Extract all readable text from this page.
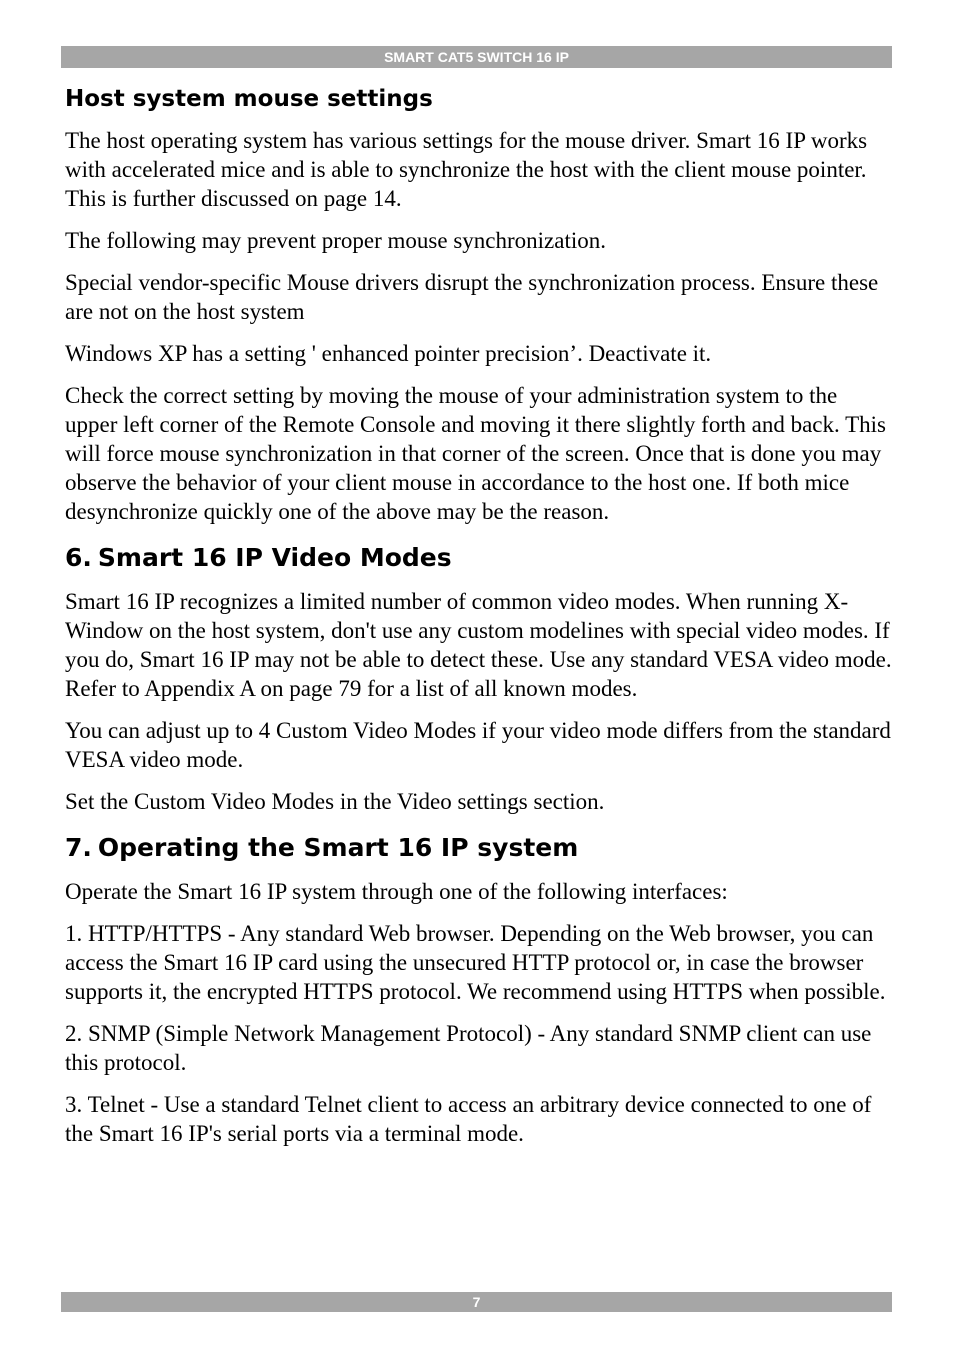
SMART CAT5 SWITCH 16 IP
Host system mouse settings

The host operating system has various settings for the mouse driver. Smart 16 IP works with accelerated mice and is able to synchronize the host with the client mouse pointer. This is further discussed on page 14.

The following may prevent proper mouse synchronization.

Special vendor-specific Mouse drivers disrupt the synchronization process. Ensure these are not on the host system

Windows XP has a setting ' enhanced pointer precision’. Deactivate it.

Check the correct setting by moving the mouse of your administration system to the upper left corner of the Remote Console and moving it there slightly forth and back. This will force mouse synchronization in that corner of the screen. Once that is done you may observe the behavior of your client mouse in accordance to the host one. If both mice desynchronize quickly one of the above may be the reason.

6. Smart 16 IP Video Modes

Smart 16 IP recognizes a limited number of common video modes. When running X-Window on the host system, don't use any custom modelines with special video modes. If you do, Smart 16 IP may not be able to detect these. Use any standard VESA video mode. Refer to Appendix A on page 79 for a list of all known modes.

You can adjust up to 4 Custom Video Modes if your video mode differs from the standard VESA video mode.

Set the Custom Video Modes in the Video settings section.

7. Operating the Smart 16 IP system

Operate the Smart 16 IP system through one of the following interfaces:

1. HTTP/HTTPS - Any standard Web browser. Depending on the Web browser, you can access the Smart 16 IP card using the unsecured HTTP protocol or, in case the browser supports it, the encrypted HTTPS protocol. We recommend using HTTPS when possible.

2. SNMP (Simple Network Management Protocol) - Any standard SNMP client can use this protocol.

3. Telnet - Use a standard Telnet client to access an arbitrary device connected to one of the Smart 16 IP's serial ports via a terminal mode.

7
